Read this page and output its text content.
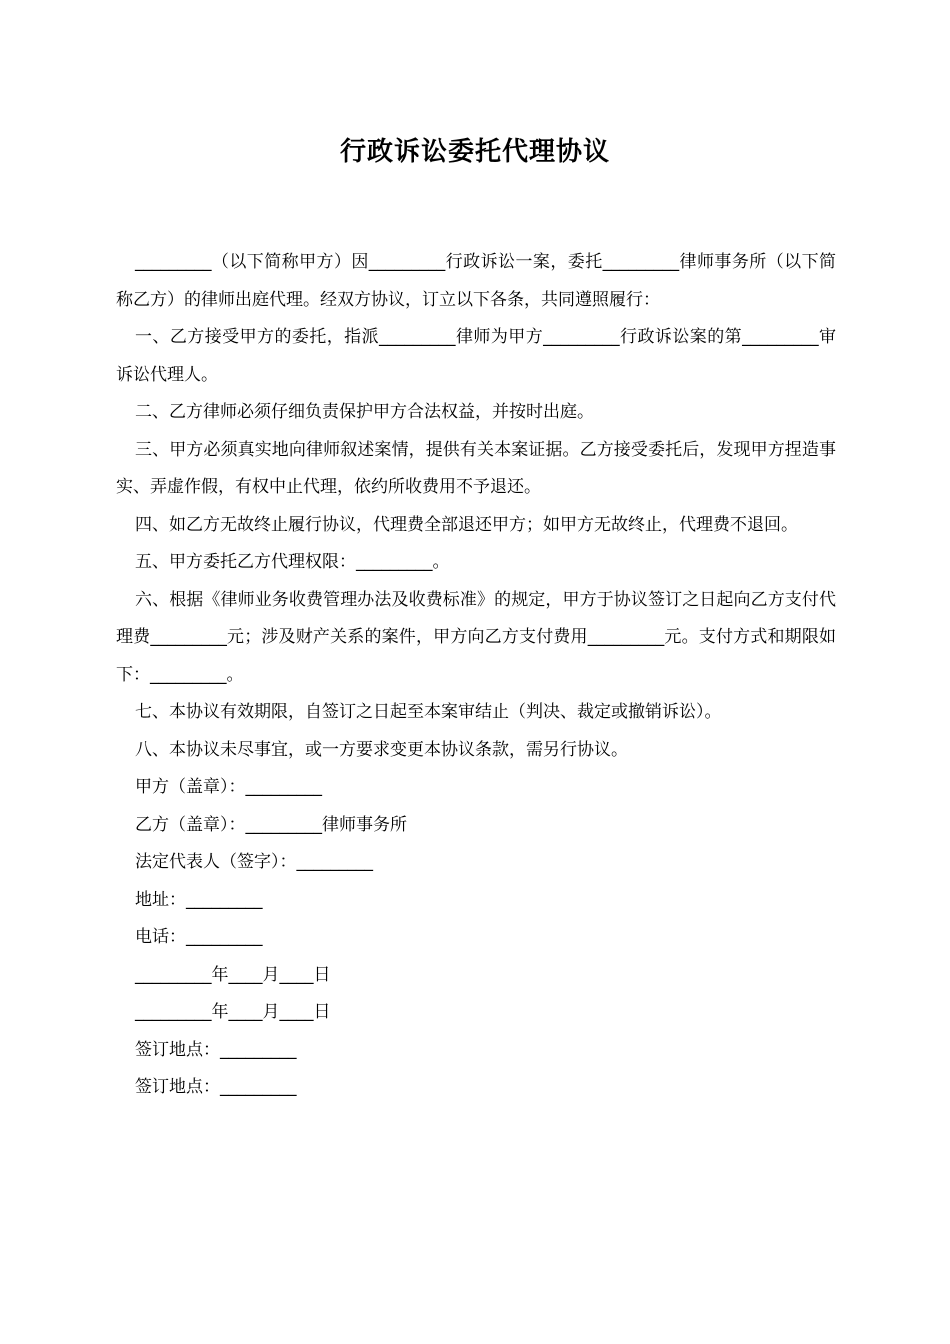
行政诉讼委托代理协议

_________（以下简称甲方）因_________行政诉讼一案，委托_________律师事务所（以下简称乙方）的律师出庭代理。经双方协议，订立以下各条，共同遵照履行：

一、乙方接受甲方的委托，指派_________律师为甲方_________行政诉讼案的第_________审诉讼代理人。

二、乙方律师必须仔细负责保护甲方合法权益，并按时出庭。

三、甲方必须真实地向律师叙述案情，提供有关本案证据。乙方接受委托后，发现甲方捏造事实、弄虚作假，有权中止代理，依约所收费用不予退还。

四、如乙方无故终止履行协议，代理费全部退还甲方；如甲方无故终止，代理费不退回。

五、甲方委托乙方代理权限：_________。

六、根据《律师业务收费管理办法及收费标准》的规定，甲方于协议签订之日起向乙方支付代理费_________元；涉及财产关系的案件，甲方向乙方支付费用_________元。支付方式和期限如下：_________。

七、本协议有效期限，自签订之日起至本案审结止（判决、裁定或撤销诉讼）。

八、本协议未尽事宜，或一方要求变更本协议条款，需另行协议。

甲方（盖章）：_________

乙方（盖章）：_________律师事务所

法定代表人（签字）：_________

地址：_________

电话：_________

_________年____月____日

_________年____月____日

签订地点：_________

签订地点：_________
